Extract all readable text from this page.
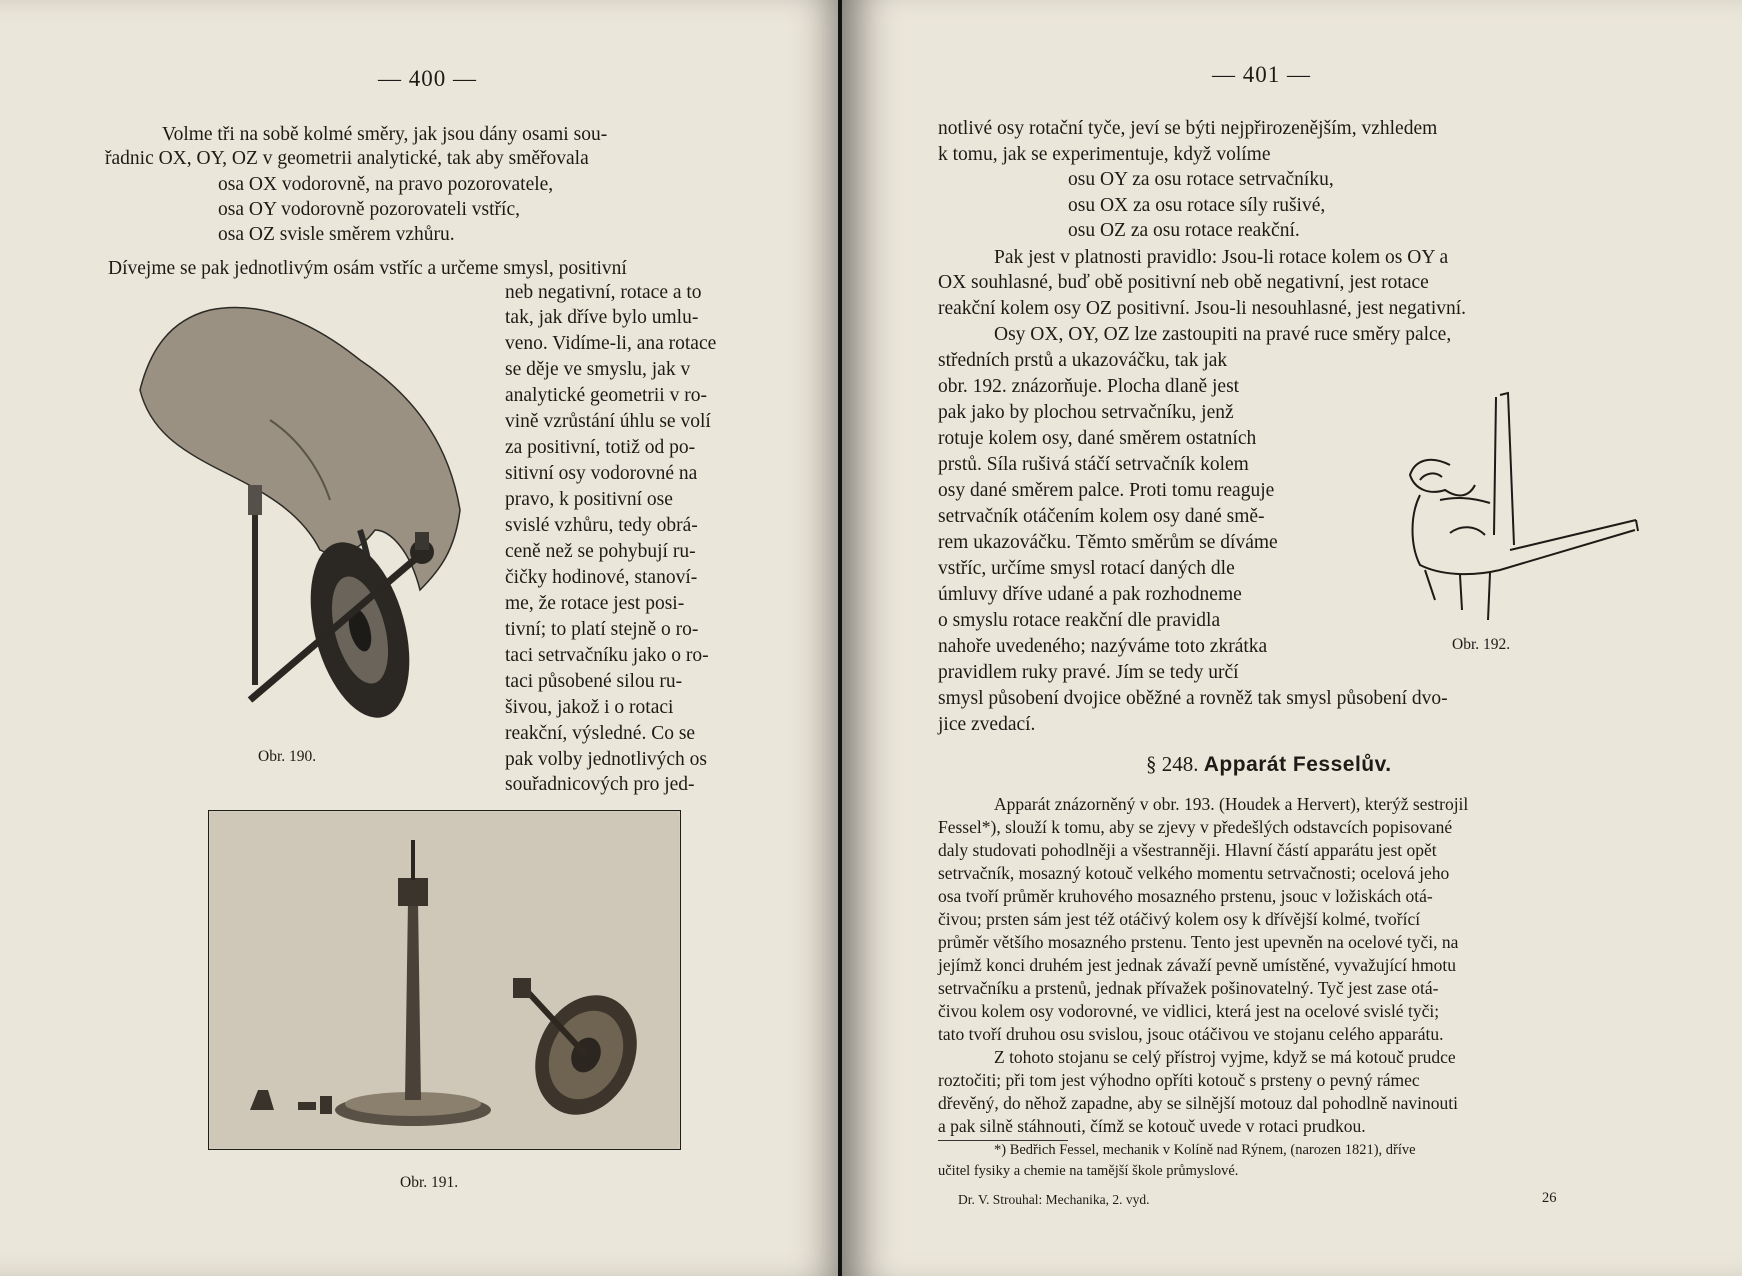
— 400 —
Volme tři na sobě kolmé směry, jak jsou dány osami sou-
řadnic OX, OY, OZ v geometrii analytické, tak aby směřovala
osa OX vodorovně, na pravo pozorovatele,
osa OY vodorovně pozorovateli vstříc,
osa OZ svisle směrem vzhůru.
Dívejme se pak jednotlivým osám vstříc a určeme smysl, positivní
neb negativní, rotace a to
tak, jak dříve bylo umlu-
veno. Vidíme-li, ana rotace
se děje ve smyslu, jak v
analytické geometrii v ro-
vině vzrůstání úhlu se volí
za positivní, totiž od po-
sitivní osy vodorovné na
pravo, k positivní ose
svislé vzhůru, tedy obrá-
ceně než se pohybují ru-
čičky hodinové, stanoví-
me, že rotace jest posi-
tivní; to platí stejně o ro-
taci setrvačníku jako o ro-
taci působené silou ru-
šivou, jakož i o rotaci
reakční, výsledné. Co se
pak volby jednotlivých os
souřadnicových pro jed-
Obr. 190.
Obr. 191.
— 401 —
notlivé osy rotační tyče, jeví se býti nejpřirozenějším, vzhledem
k tomu, jak se experimentuje, když volíme
osu OY za osu rotace setrvačníku,
osu OX za osu rotace síly rušivé,
osu OZ za osu rotace reakční.
Pak jest v platnosti pravidlo: Jsou-li rotace kolem os OY a
OX souhlasné, buď obě positivní neb obě negativní, jest rotace
reakční kolem osy OZ positivní. Jsou-li nesouhlasné, jest negativní.
Osy OX, OY, OZ lze zastoupiti na pravé ruce směry palce,
středních prstů a ukazováčku, tak jak
obr. 192. znázorňuje. Plocha dlaně jest
pak jako by plochou setrvačníku, jenž
rotuje kolem osy, dané směrem ostatních
prstů. Síla rušivá stáčí setrvačník kolem
osy dané směrem palce. Proti tomu reaguje
setrvačník otáčením kolem osy dané smě-
rem ukazováčku. Těmto směrům se díváme
vstříc, určíme smysl rotací daných dle
úmluvy dříve udané a pak rozhodneme
o smyslu rotace reakční dle pravidla
nahoře uvedeného; nazýváme toto zkrátka
pravidlem ruky pravé. Jím se tedy určí
smysl působení dvojice oběžné a rovněž tak smysl působení dvo-
jice zvedací.
Obr. 192.
§ 248. Apparát Fesselův.
Apparát znázorněný v obr. 193. (Houdek a Hervert), kterýž sestrojil
Fessel*), slouží k tomu, aby se zjevy v předešlých odstavcích popisované
daly studovati pohodlněji a všestranněji. Hlavní částí apparátu jest opět
setrvačník, mosazný kotouč velkého momentu setrvačnosti; ocelová jeho
osa tvoří průměr kruhového mosazného prstenu, jsouc v ložiskách otá-
čivou; prsten sám jest též otáčivý kolem osy k dřívější kolmé, tvořící
průměr většího mosazného prstenu. Tento jest upevněn na ocelové tyči, na
jejímž konci druhém jest jednak závaží pevně umístěné, vyvažující hmotu
setrvačníku a prstenů, jednak přívažek pošinovatelný. Tyč jest zase otá-
čivou kolem osy vodorovné, ve vidlici, která jest na ocelové svislé tyči;
tato tvoří druhou osu svislou, jsouc otáčivou ve stojanu celého apparátu.
Z tohoto stojanu se celý přístroj vyjme, když se má kotouč prudce
roztočiti; při tom jest výhodno opříti kotouč s prsteny o pevný rámec
dřevěný, do něhož zapadne, aby se silnější motouz dal pohodlně navinouti
a pak silně stáhnouti, čímž se kotouč uvede v rotaci prudkou.
*) Bedřich Fessel, mechanik v Kolíně nad Rýnem, (narozen 1821), dříve
učitel fysiky a chemie na tamější škole průmyslové.
Dr. V. Strouhal: Mechanika, 2. vyd.	26
